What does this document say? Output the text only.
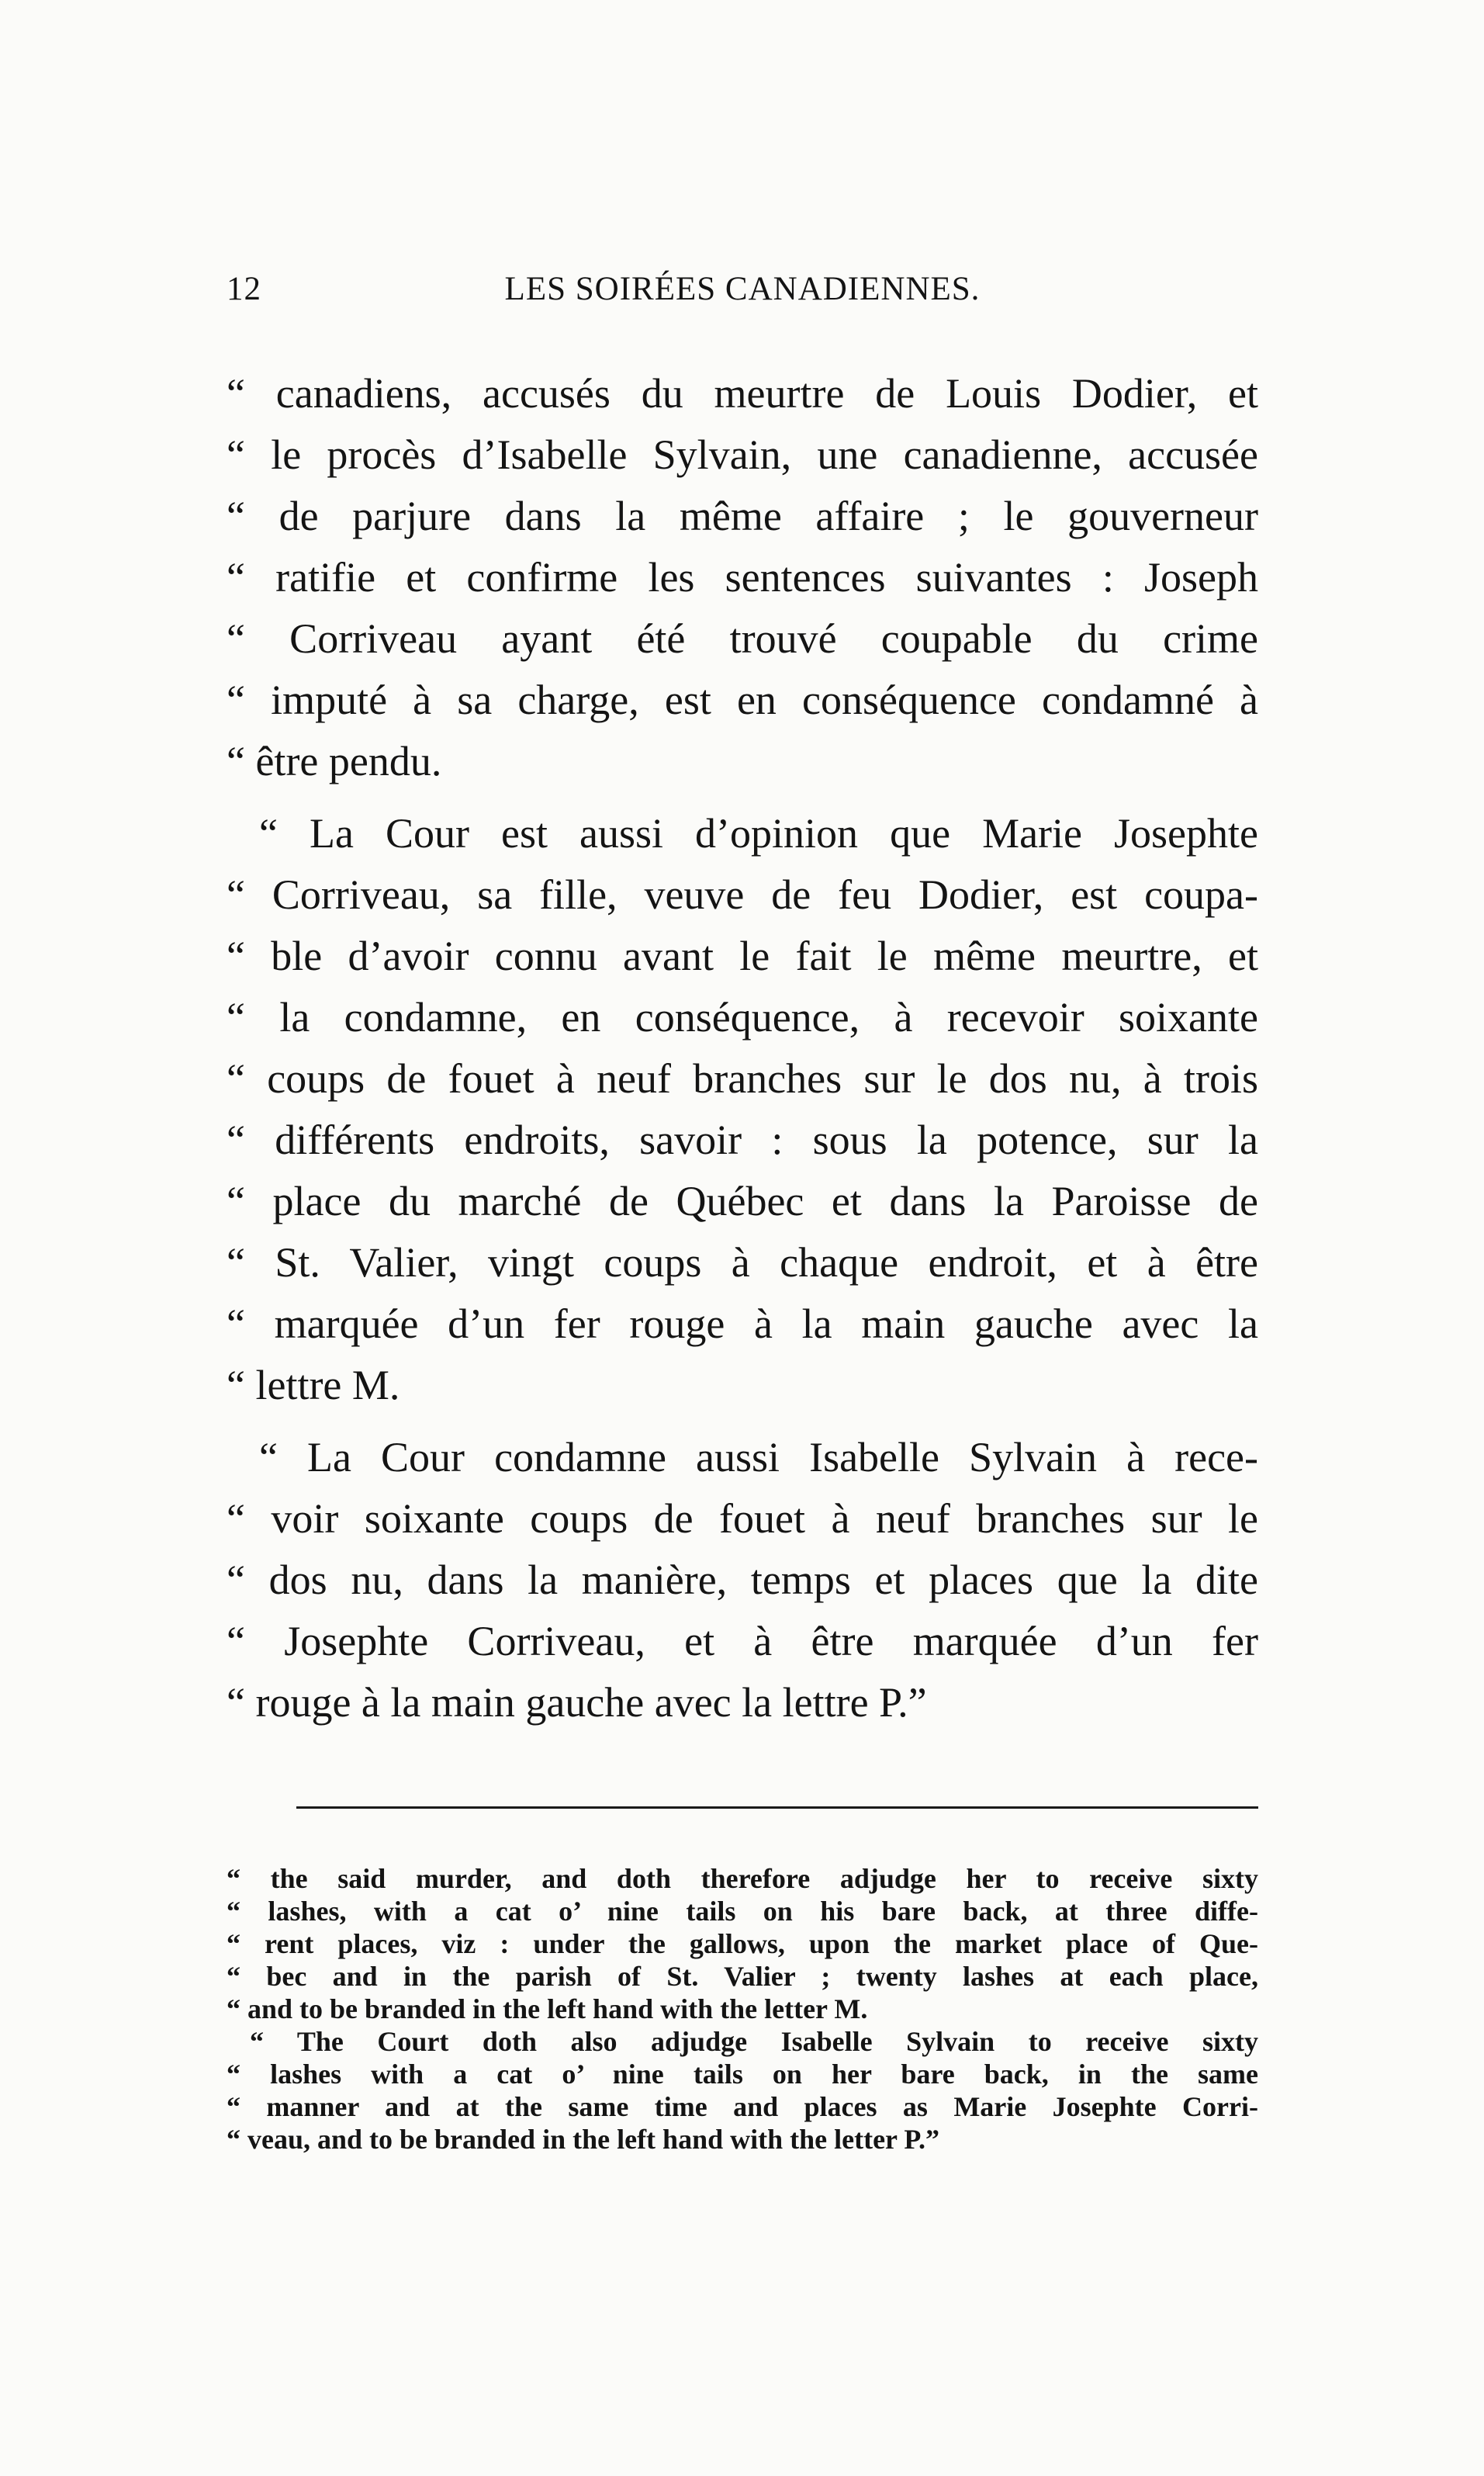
12	LES SOIRÉES CANADIENNES.
“ canadiens, accusés du meurtre de Louis Dodier, et
“ le procès d’Isabelle Sylvain, une canadienne, accusée
“ de parjure dans la même affaire ; le gouverneur
“ ratifie et confirme les sentences suivantes : Joseph
“ Corriveau ayant été trouvé coupable du crime
“ imputé à sa charge, est en conséquence condamné à
“ être pendu.
“ La Cour est aussi d’opinion que Marie Josephte
“ Corriveau, sa fille, veuve de feu Dodier, est coupa-
“ ble d’avoir connu avant le fait le même meurtre, et
“ la condamne, en conséquence, à recevoir soixante
“ coups de fouet à neuf branches sur le dos nu, à trois
“ différents endroits, savoir : sous la potence, sur la
“ place du marché de Québec et dans la Paroisse de
“ St. Valier, vingt coups à chaque endroit, et à être
“ marquée d’un fer rouge à la main gauche avec la
“ lettre M.
“ La Cour condamne aussi Isabelle Sylvain à rece-
“ voir soixante coups de fouet à neuf branches sur le
“ dos nu, dans la manière, temps et places que la dite
“ Josephte Corriveau, et à être marquée d’un fer
“ rouge à la main gauche avec la lettre P.”
“ the said murder, and doth therefore adjudge her to receive sixty
“ lashes, with a cat o’ nine tails on his bare back, at three diffe-
“ rent places, viz : under the gallows, upon the market place of Que-
“ bec and in the parish of St. Valier ; twenty lashes at each place,
“ and to be branded in the left hand with the letter M.
“ The Court doth also adjudge Isabelle Sylvain to receive sixty
“ lashes with a cat o’ nine tails on her bare back, in the same
“ manner and at the same time and places as Marie Josephte Corri-
“ veau, and to be branded in the left hand with the letter P.”
